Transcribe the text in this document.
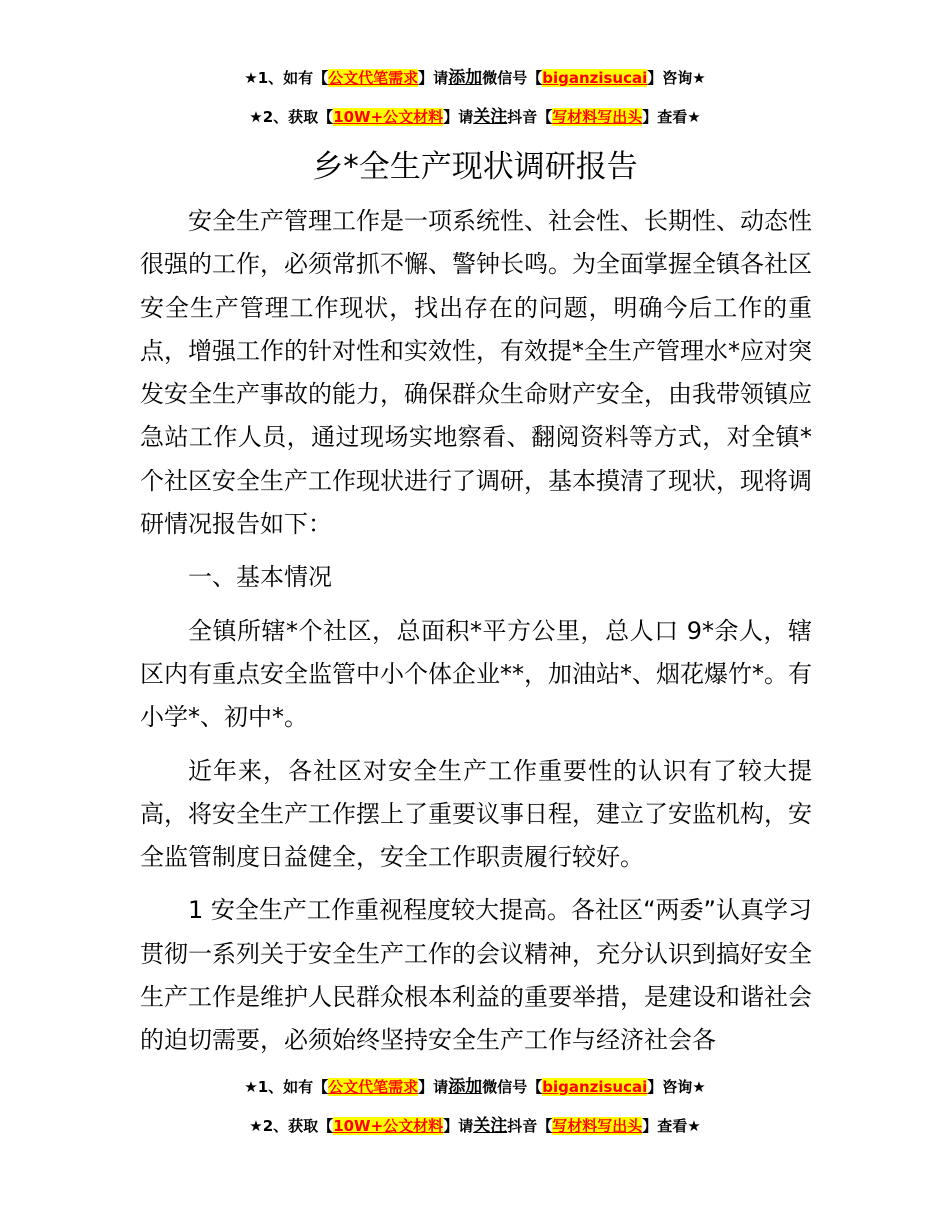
★1、如有【公文代笔需求】请添加微信号【biganzisucai】咨询★
★2、获取【10W+公文材料】请关注抖音【写材料写出头】查看★
乡*全生产现状调研报告

安全生产管理工作是一项系统性、社会性、长期性、动态性很强的工作，必须常抓不懈、警钟长鸣。为全面掌握全镇各社区安全生产管理工作现状，找出存在的问题，明确今后工作的重点，增强工作的针对性和实效性，有效提*全生产管理水*应对突发安全生产事故的能力，确保群众生命财产安全，由我带领镇应急站工作人员，通过现场实地察看、翻阅资料等方式，对全镇*个社区安全生产工作现状进行了调研，基本摸清了现状，现将调研情况报告如下：

一、基本情况

全镇所辖*个社区，总面积*平方公里，总人口 9*余人，辖区内有重点安全监管中小个体企业**，加油站*、烟花爆竹*。有小学*、初中*。

近年来，各社区对安全生产工作重要性的认识有了较大提高，将安全生产工作摆上了重要议事日程，建立了安监机构，安全监管制度日益健全，安全工作职责履行较好。

1 安全生产工作重视程度较大提高。各社区“两委”认真学习贯彻一系列关于安全生产工作的会议精神，充分认识到搞好安全生产工作是维护人民群众根本利益的重要举措，是建设和谐社会的迫切需要，必须始终坚持安全生产工作与经济社会各

★1、如有【公文代笔需求】请添加微信号【biganzisucai】咨询★
★2、获取【10W+公文材料】请关注抖音【写材料写出头】查看★
